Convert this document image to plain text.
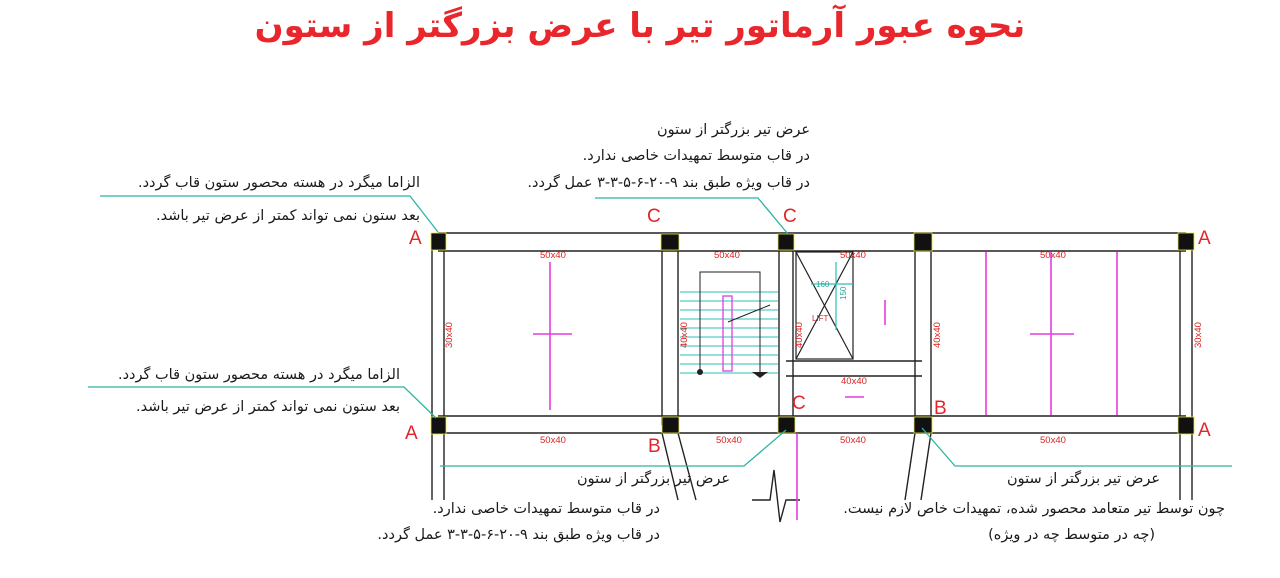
نحوه عبور آرماتور تیر با عرض بزرگتر از ستون
50x40	50x40	50x40	50x40
50x40	50x40	50x40	50x40
40x40
30x40	30x40
40x40	40x40	40x40
160
150
LIFT
A
C	C
A
A
B
C	B
A
عرض تیر بزرگتر از ستون
در قاب متوسط تمهیدات خاصی ندارد.
در قاب ویژه طبق بند ۹-۲۰-۶-۵-۳-۳ عمل گردد.
الزاما میگرد در هسته محصور ستون قاب گردد.
بعد ستون نمی تواند کمتر از عرض تیر باشد.
الزاما میگرد در هسته محصور ستون قاب گردد.
بعد ستون نمی تواند کمتر از عرض تیر باشد.
عرض تیر بزرگتر از ستون
در قاب متوسط تمهیدات خاصی ندارد.
در قاب ویژه طبق بند ۹-۲۰-۶-۵-۳-۳ عمل گردد.
عرض تیر بزرگتر از ستون
چون توسط تیر متعامد محصور شده، تمهیدات خاص لازم نیست.
(چه در متوسط چه در ویژه)
